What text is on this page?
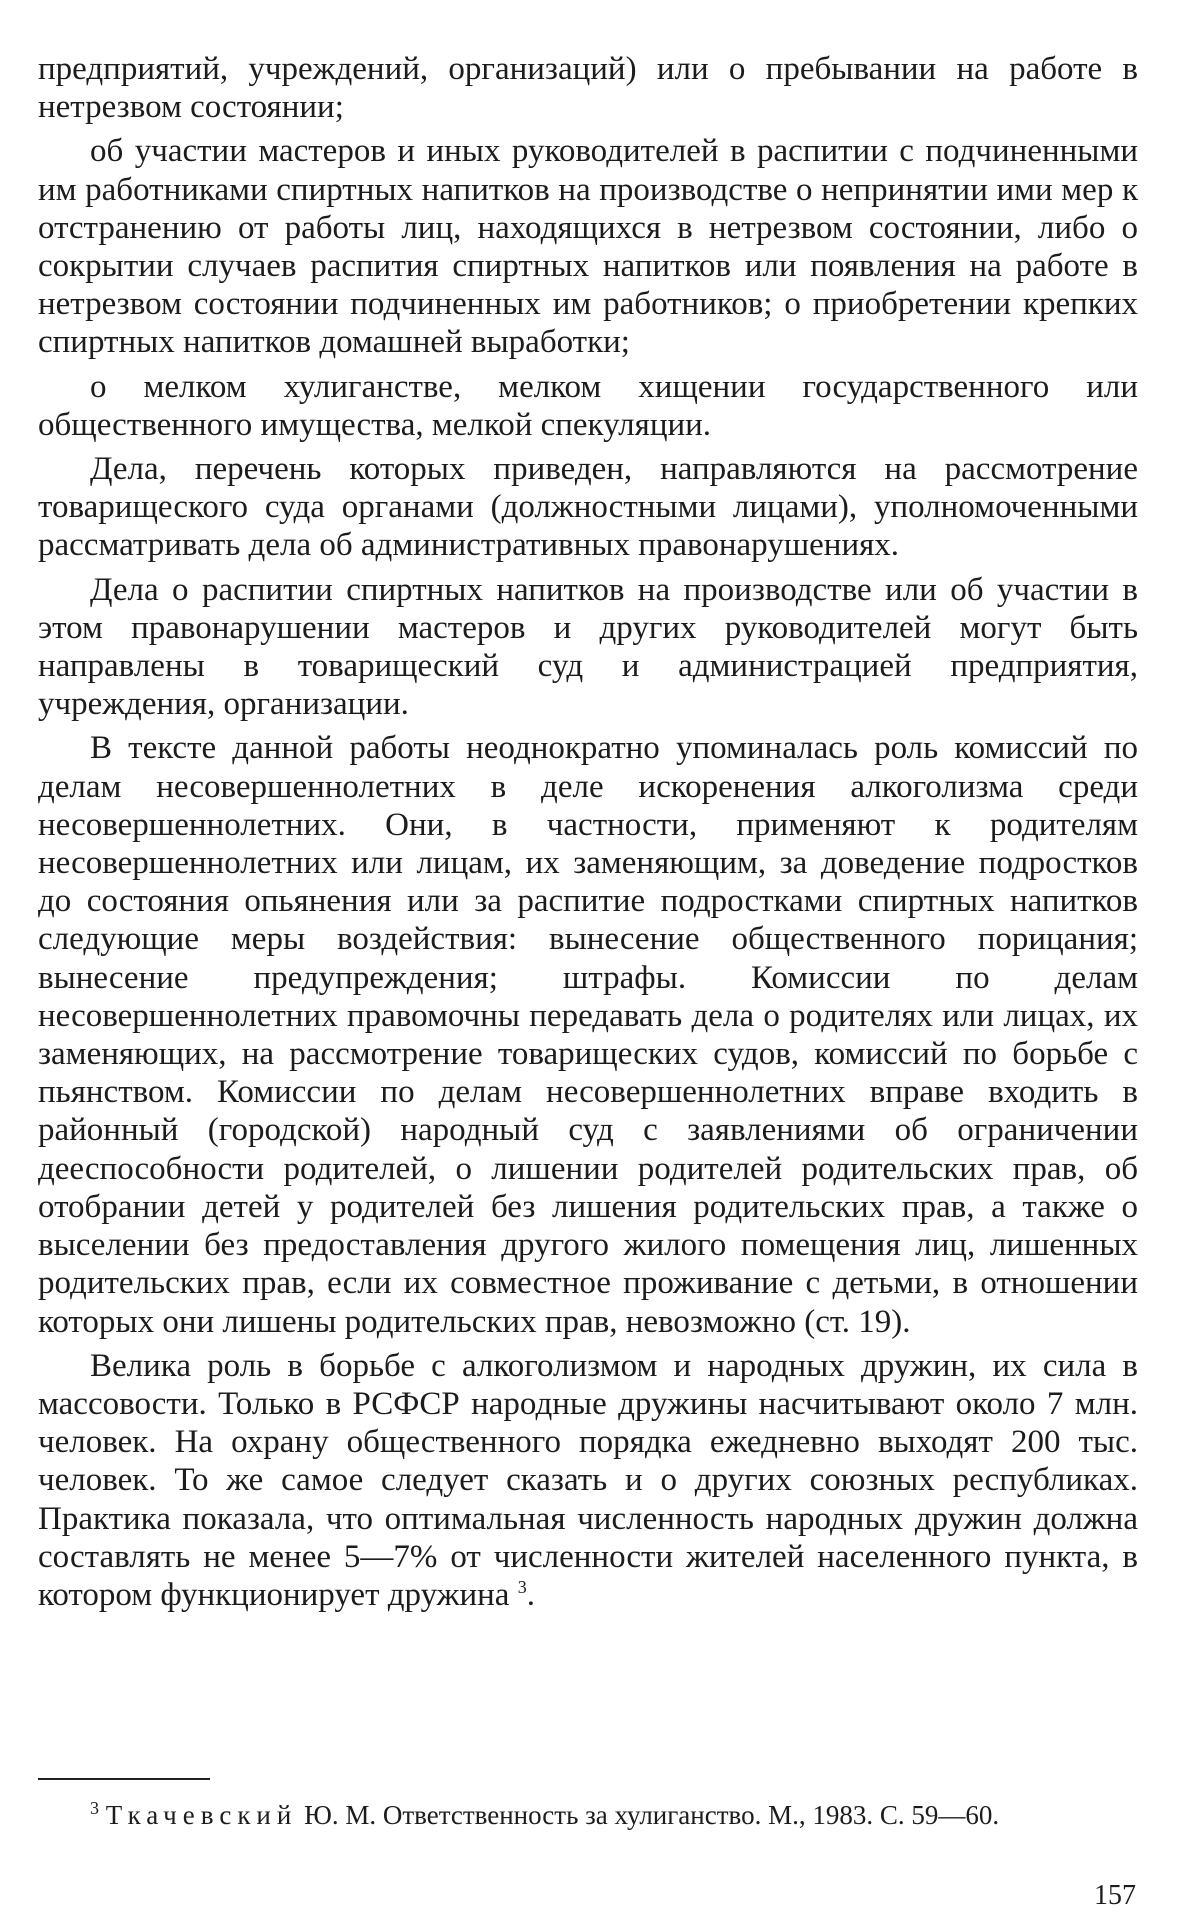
предприятий, учреждений, организаций) или о пребывании на работе в нетрезвом состоянии;

об участии мастеров и иных руководителей в распитии с подчиненными им работниками спиртных напитков на производстве о непринятии ими мер к отстранению от работы лиц, находящихся в нетрезвом состоянии, либо о сокрытии случаев распития спиртных напитков или появления на работе в нетрезвом состоянии подчиненных им работников; о приобретении крепких спиртных напитков домашней выработки;

о мелком хулиганстве, мелком хищении государственного или общественного имущества, мелкой спекуляции.

Дела, перечень которых приведен, направляются на рассмотрение товарищеского суда органами (должностными лицами), уполномоченными рассматривать дела об административных правонарушениях.

Дела о распитии спиртных напитков на производстве или об участии в этом правонарушении мастеров и других руководителей могут быть направлены в товарищеский суд и администрацией предприятия, учреждения, организации.

В тексте данной работы неоднократно упоминалась роль комиссий по делам несовершеннолетних в деле искоренения алкоголизма среди несовершеннолетних. Они, в частности, применяют к родителям несовершеннолетних или лицам, их заменяющим, за доведение подростков до состояния опьянения или за распитие подростками спиртных напитков следующие меры воздействия: вынесение общественного порицания; вынесение предупреждения; штрафы. Комиссии по делам несовершеннолетних правомочны передавать дела о родителях или лицах, их заменяющих, на рассмотрение товарищеских судов, комиссий по борьбе с пьянством. Комиссии по делам несовершеннолетних вправе входить в районный (городской) народный суд с заявлениями об ограничении дееспособности родителей, о лишении родителей родительских прав, об отобрании детей у родителей без лишения родительских прав, а также о выселении без предоставления другого жилого помещения лиц, лишенных родительских прав, если их совместное проживание с детьми, в отношении которых они лишены родительских прав, невозможно (ст. 19).

Велика роль в борьбе с алкоголизмом и народных дружин, их сила в массовости. Только в РСФСР народные дружины насчитывают около 7 млн. человек. На охрану общественного порядка ежедневно выходят 200 тыс. человек. То же самое следует сказать и о других союзных республиках. Практика показала, что оптимальная численность народных дружин должна составлять не менее 5—7% от численности жителей населенного пункта, в котором функционирует дружина $^3$.

$^3$ Ткачевский Ю. М. Ответственность за хулиганство. М., 1983. С. 59—60.
157
